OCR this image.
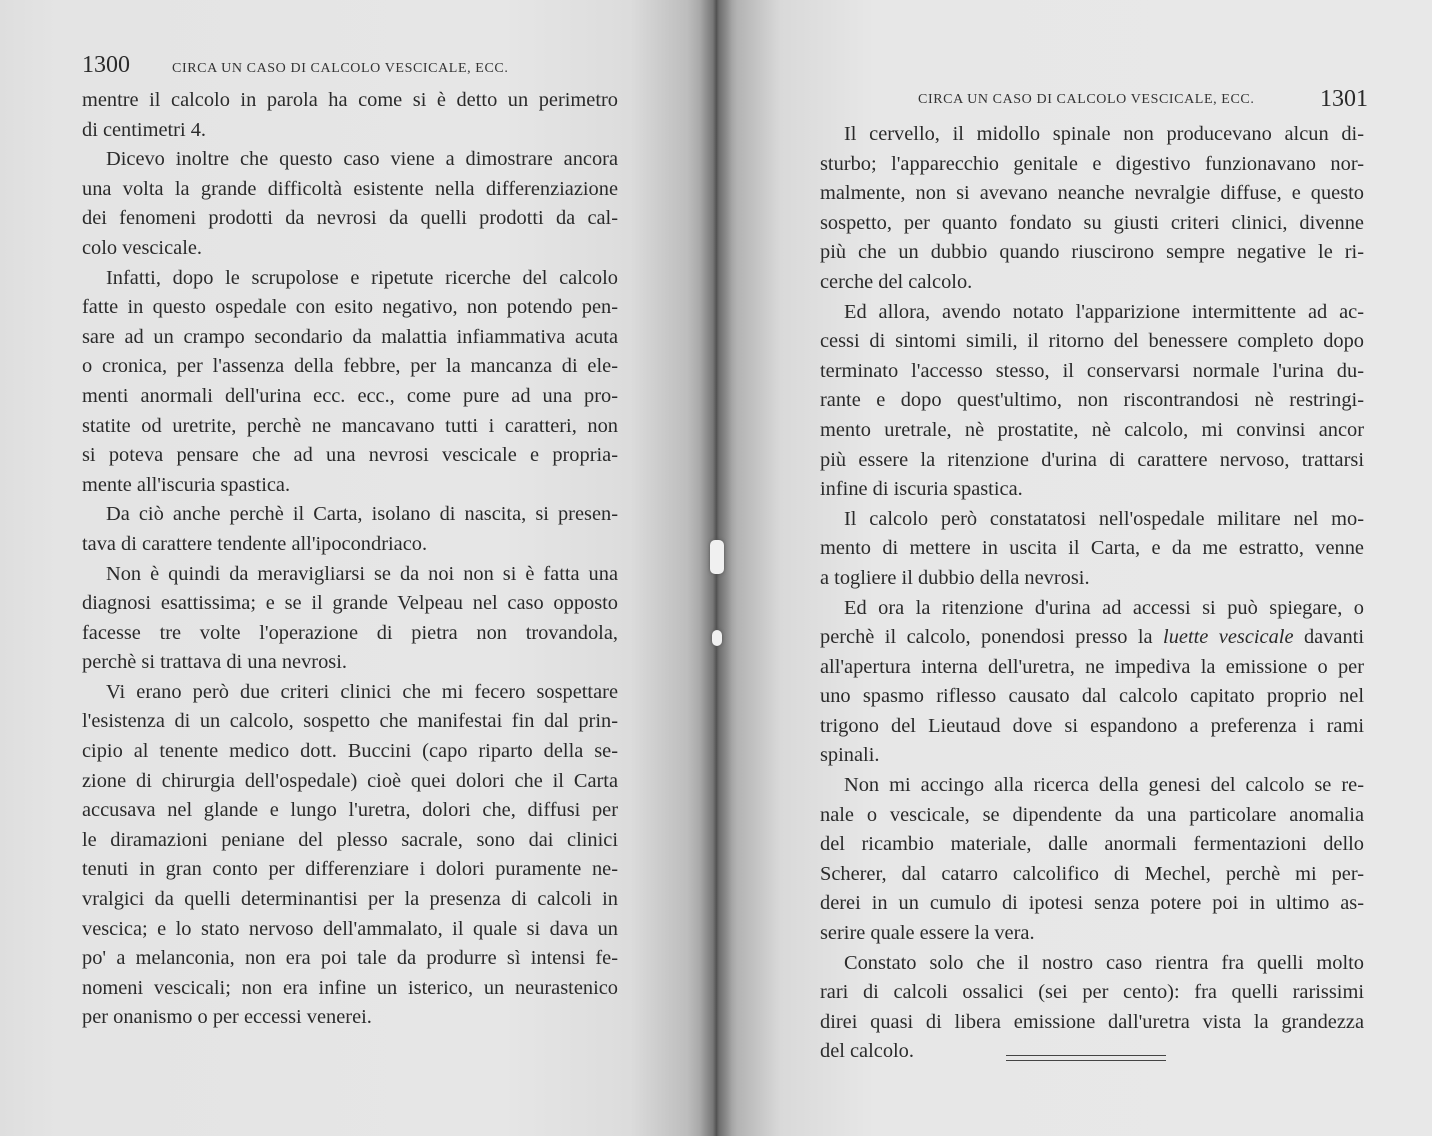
1300	CIRCA UN CASO DI CALCOLO VESCICALE, ECC.
mentre il calcolo in parola ha come si è detto un perimetro
di centimetri 4.
Dicevo inoltre che questo caso viene a dimostrare ancora
una volta la grande difficoltà esistente nella differenziazione
dei fenomeni prodotti da nevrosi da quelli prodotti da cal-
colo vescicale.
Infatti, dopo le scrupolose e ripetute ricerche del calcolo
fatte in questo ospedale con esito negativo, non potendo pen-
sare ad un crampo secondario da malattia infiammativa acuta
o cronica, per l'assenza della febbre, per la mancanza di ele-
menti anormali dell'urina ecc. ecc., come pure ad una pro-
statite od uretrite, perchè ne mancavano tutti i caratteri, non
si poteva pensare che ad una nevrosi vescicale e propria-
mente all'iscuria spastica.
Da ciò anche perchè il Carta, isolano di nascita, si presen-
tava di carattere tendente all'ipocondriaco.
Non è quindi da meravigliarsi se da noi non si è fatta una
diagnosi esattissima; e se il grande Velpeau nel caso opposto
facesse tre volte l'operazione di pietra non trovandola,
perchè si trattava di una nevrosi.
Vi erano però due criteri clinici che mi fecero sospettare
l'esistenza di un calcolo, sospetto che manifestai fin dal prin-
cipio al tenente medico dott. Buccini (capo riparto della se-
zione di chirurgia dell'ospedale) cioè quei dolori che il Carta
accusava nel glande e lungo l'uretra, dolori che, diffusi per
le diramazioni peniane del plesso sacrale, sono dai clinici
tenuti in gran conto per differenziare i dolori puramente ne-
vralgici da quelli determinantisi per la presenza di calcoli in
vescica; e lo stato nervoso dell'ammalato, il quale si dava un
po' a melanconia, non era poi tale da produrre sì intensi fe-
nomeni vescicali; non era infine un isterico, un neurastenico
per onanismo o per eccessi venerei.
CIRCA UN CASO DI CALCOLO VESCICALE, ECC.	1301
Il cervello, il midollo spinale non producevano alcun di-
sturbo; l'apparecchio genitale e digestivo funzionavano nor-
malmente, non si avevano neanche nevralgie diffuse, e questo
sospetto, per quanto fondato su giusti criteri clinici, divenne
più che un dubbio quando riuscirono sempre negative le ri-
cerche del calcolo.
Ed allora, avendo notato l'apparizione intermittente ad ac-
cessi di sintomi simili, il ritorno del benessere completo dopo
terminato l'accesso stesso, il conservarsi normale l'urina du-
rante e dopo quest'ultimo, non riscontrandosi nè restringi-
mento uretrale, nè prostatite, nè calcolo, mi convinsi ancor
più essere la ritenzione d'urina di carattere nervoso, trattarsi
infine di iscuria spastica.
Il calcolo però constatatosi nell'ospedale militare nel mo-
mento di mettere in uscita il Carta, e da me estratto, venne
a togliere il dubbio della nevrosi.
Ed ora la ritenzione d'urina ad accessi si può spiegare, o
perchè il calcolo, ponendosi presso la luette vescicale davanti
all'apertura interna dell'uretra, ne impediva la emissione o per
uno spasmo riflesso causato dal calcolo capitato proprio nel
trigono del Lieutaud dove si espandono a preferenza i rami
spinali.
Non mi accingo alla ricerca della genesi del calcolo se re-
nale o vescicale, se dipendente da una particolare anomalia
del ricambio materiale, dalle anormali fermentazioni dello
Scherer, dal catarro calcolifico di Mechel, perchè mi per-
derei in un cumulo di ipotesi senza potere poi in ultimo as-
serire quale essere la vera.
Constato solo che il nostro caso rientra fra quelli molto
rari di calcoli ossalici (sei per cento): fra quelli rarissimi
direi quasi di libera emissione dall'uretra vista la grandezza
del calcolo.
